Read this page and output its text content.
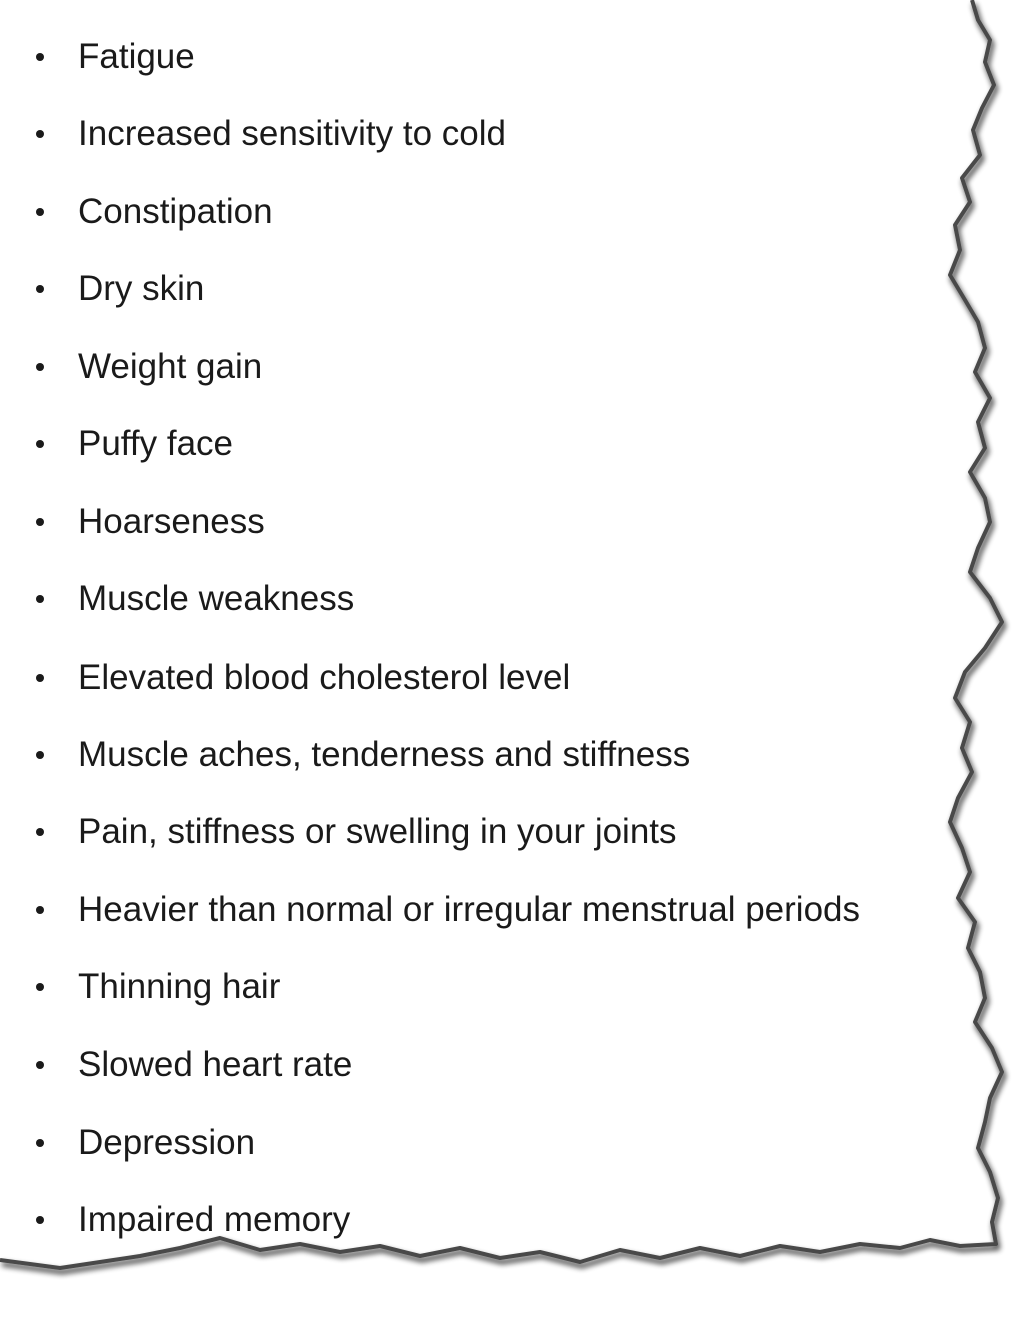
Fatigue
Increased sensitivity to cold
Constipation
Dry skin
Weight gain
Puffy face
Hoarseness
Muscle weakness
Elevated blood cholesterol level
Muscle aches, tenderness and stiffness
Pain, stiffness or swelling in your joints
Heavier than normal or irregular menstrual periods
Thinning hair
Slowed heart rate
Depression
Impaired memory
